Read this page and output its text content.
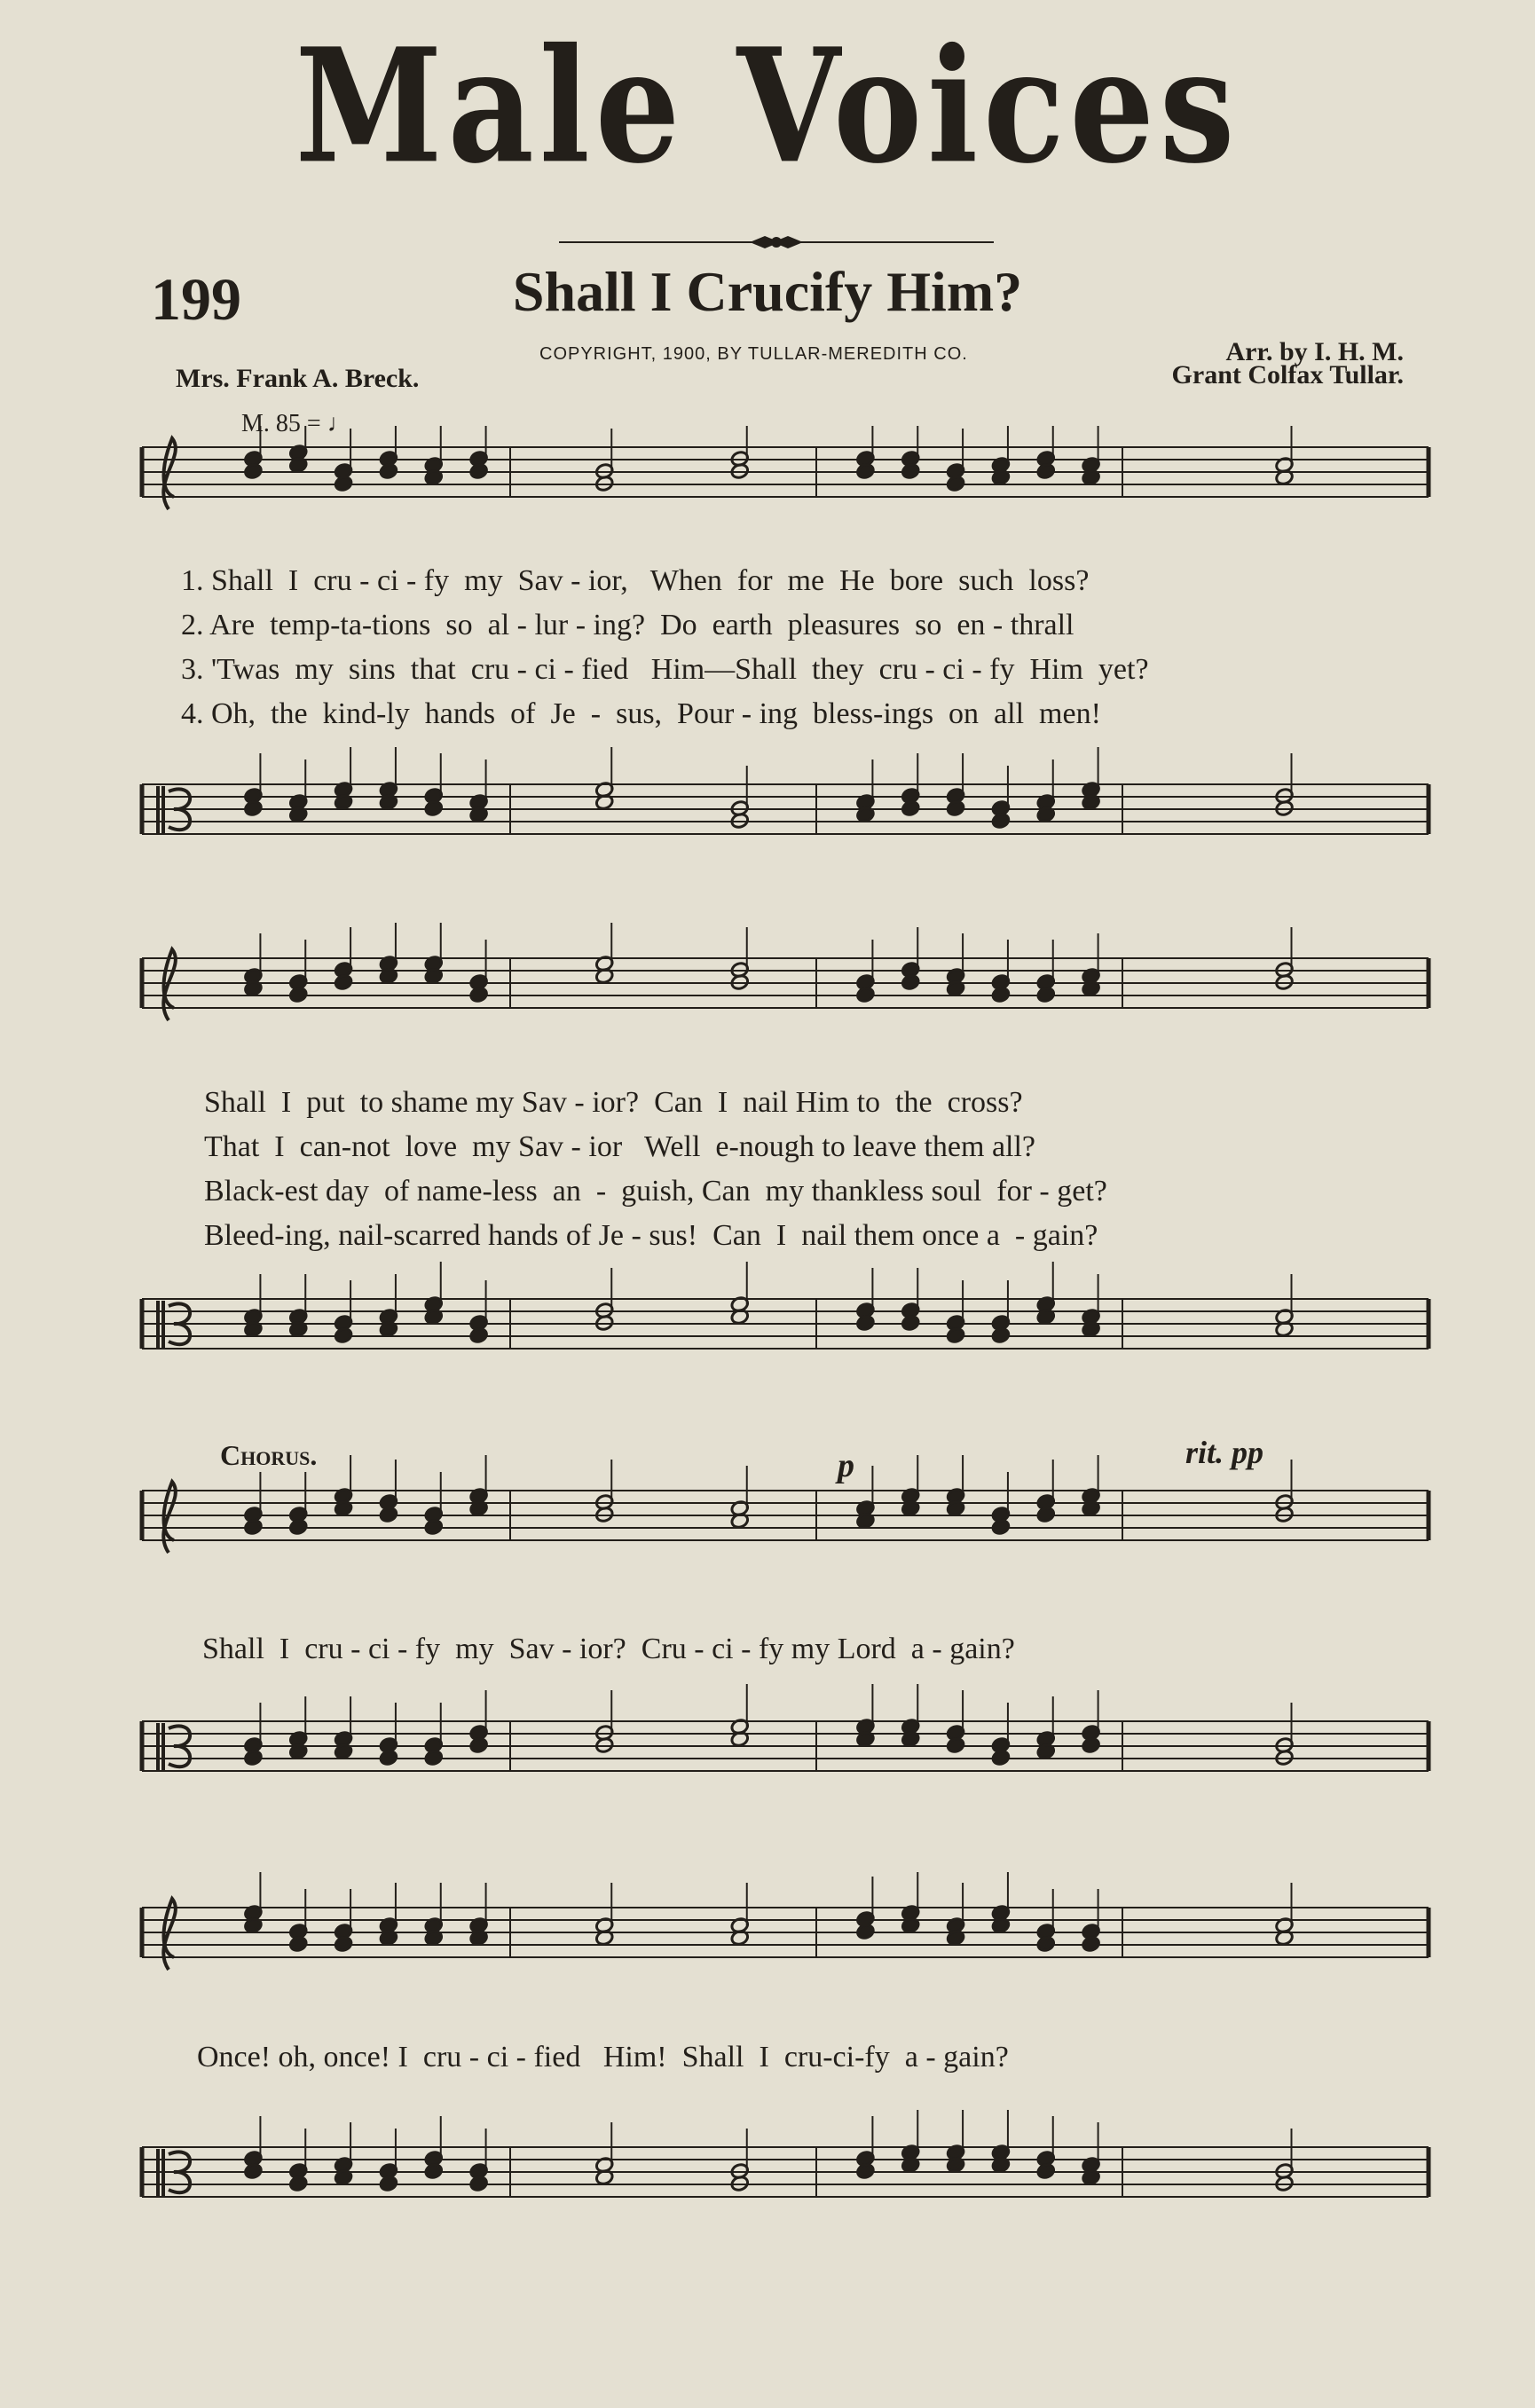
Male Voices
199	Shall I Crucify Him?
COPYRIGHT, 1900, BY TULLAR-MEREDITH CO.	Arr. by I. H. M.
Mrs. Frank A. Breck.	Grant Colfax Tullar.
M. 85 = ♩
1. Shall  I  cru - ci - fy  my  Sav - ior,   When  for  me  He  bore  such  loss?
2. Are  temp-ta-tions  so  al - lur - ing?  Do  earth  pleasures  so  en - thrall
3. 'Twas  my  sins  that  cru - ci - fied   Him—Shall  they  cru - ci - fy  Him  yet?
4. Oh,  the  kind-ly  hands  of  Je  -  sus,  Pour - ing  bless-ings  on  all  men!
Shall  I  put  to shame my Sav - ior?  Can  I  nail Him to  the  cross?
That  I  can-not  love  my Sav - ior   Well  e-nough to leave them all?
Black-est day  of name-less  an  -  guish, Can  my thankless soul  for - get?
Bleed-ing, nail-scarred hands of Je - sus!  Can  I  nail them once a  - gain?
Chorus.	p	rit. pp
Shall  I  cru - ci - fy  my  Sav - ior?  Cru - ci - fy my Lord  a - gain?
Once! oh, once! I  cru - ci - fied   Him!  Shall  I  cru-ci-fy  a - gain?
